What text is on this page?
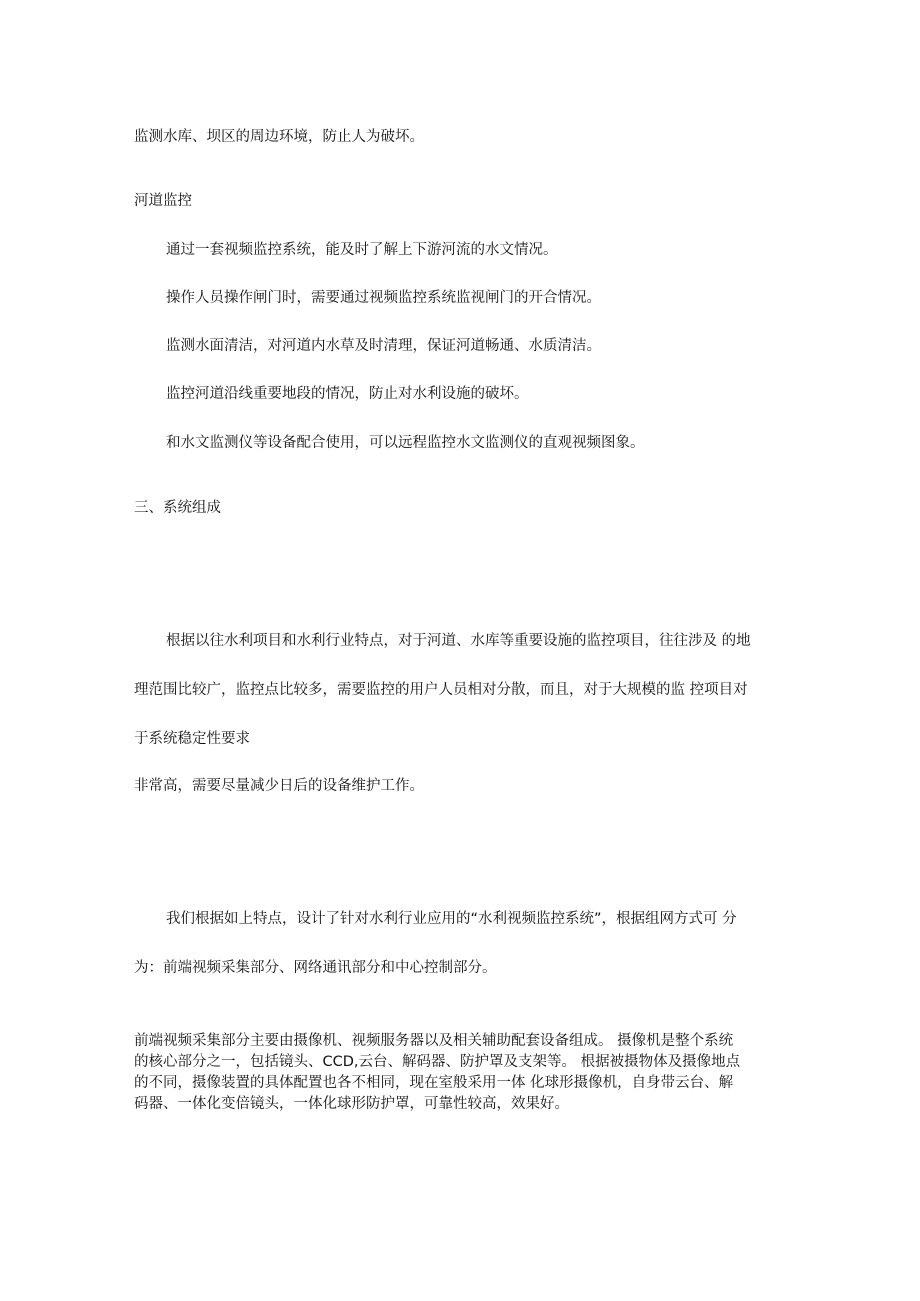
监测水库、坝区的周边环境，防止人为破坏。
河道监控
通过一套视频监控系统，能及时了解上下游河流的水文情况。
操作人员操作闸门时，需要通过视频监控系统监视闸门的开合情况。
监测水面清洁，对河道内水草及时清理，保证河道畅通、水质清洁。
监控河道沿线重要地段的情况，防止对水利设施的破坏。
和水文监测仪等设备配合使用，可以远程监控水文监测仪的直观视频图象。
三、系统组成
根据以往水利项目和水利行业特点，对于河道、水库等重要设施的监控项目，往往涉及 的地
理范围比较广，监控点比较多，需要监控的用户人员相对分散，而且，对于大规模的监 控项目对
于系统稳定性要求
非常高，需要尽量减少日后的设备维护工作。
我们根据如上特点，设计了针对水利行业应用的“水利视频监控系统”，根据组网方式可 分
为：前端视频采集部分、网络通讯部分和中心控制部分。

前端视频采集部分主要由摄像机、视频服务器以及相关辅助配套设备组成。 摄像机是整个系统

的核心部分之一，包括镜头、CCD,云台、解码器、防护罩及支架等。 根据被摄物体及摄像地点

的不同，摄像装置的具体配置也各不相同，现在室般采用一体 化球形摄像机，自身带云台、解

码器、一体化变倍镜头，一体化球形防护罩，可靠性较高，效果好。
